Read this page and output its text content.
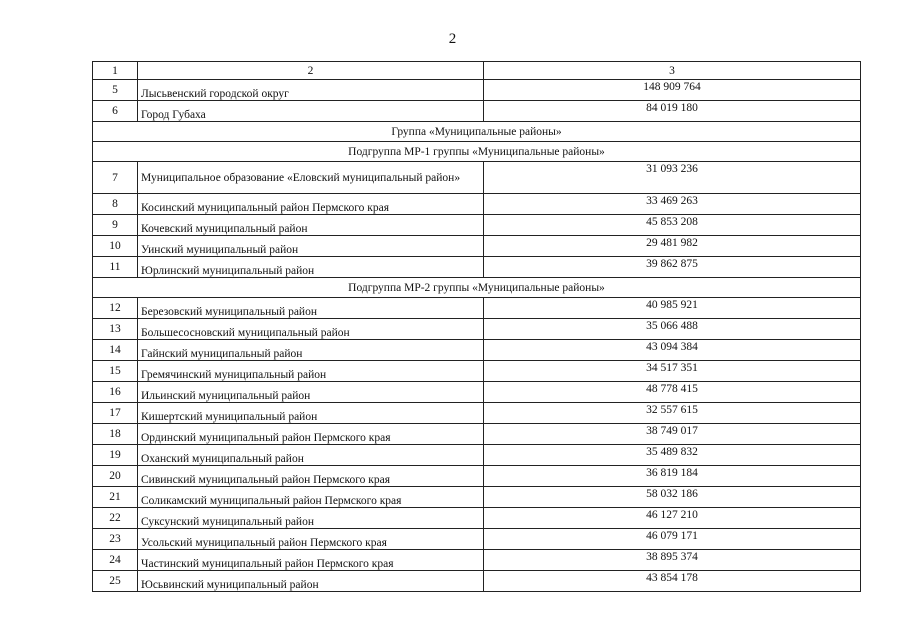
2
1	2	3
5	Лысьвенский городской округ	148 909 764
6	Город Губаха	84 019 180
Группа «Муниципальные районы»		
Подгруппа МР-1 группы «Муниципальные районы»		
7	Муниципальное образование «Еловский муниципальный район»	31 093 236
8	Косинский муниципальный район Пермского края	33 469 263
9	Кочевский муниципальный район	45 853 208
10	Уинский муниципальный район	29 481 982
11	Юрлинский муниципальный район	39 862 875
Подгруппа МР-2 группы «Муниципальные районы»		
12	Березовский муниципальный район	40 985 921
13	Большесосновский муниципальный район	35 066 488
14	Гайнский муниципальный район	43 094 384
15	Гремячинский муниципальный район	34 517 351
16	Ильинский муниципальный район	48 778 415
17	Кишертский муниципальный район	32 557 615
18	Ординский муниципальный район Пермского края	38 749 017
19	Оханский муниципальный район	35 489 832
20	Сивинский муниципальный район Пермского края	36 819 184
21	Соликамский муниципальный район Пермского края	58 032 186
22	Суксунский муниципальный район	46 127 210
23	Усольский муниципальный район Пермского края	46 079 171
24	Частинский муниципальный район Пермского края	38 895 374
25	Юсьвинский муниципальный район	43 854 178
